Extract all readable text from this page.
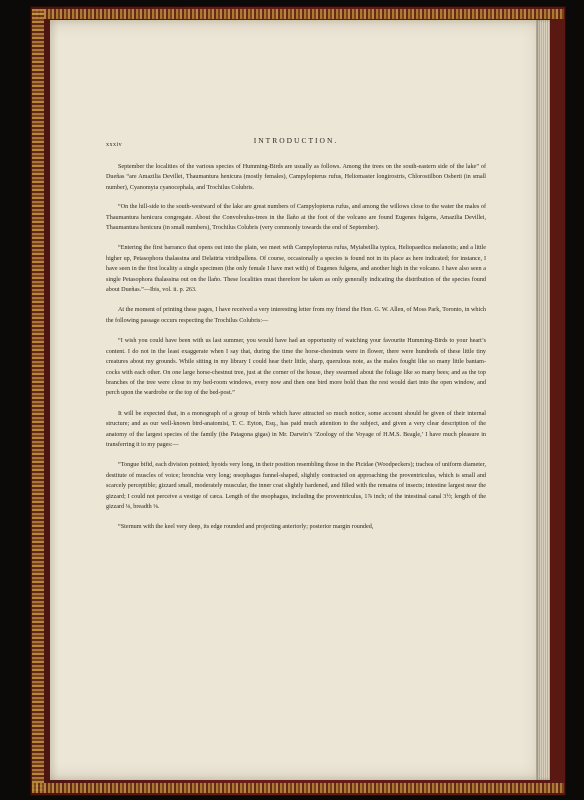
xxxiv	INTRODUCTION.

September the localities of the various species of Humming-Birds are usually as follows. Among the trees on the south-eastern side of the lake” of Dueñas “are Amazilia Devillei, Thaumantura henicura (mostly females), Campylopterus rufus, Heliomaster longirostris, Chlorostilbon Osberti (in small number), Cyanomyia cyanocephala, and Trochilus Colubris.

“On the hill-side to the south-westward of the lake are great numbers of Campylopterus rufus, and among the willows close to the water the males of Thaumantura henicura congregate. About the Convolvulus-trees in the llaño at the foot of the volcano are found Eugenes fulgens, Amazilia Devillei, Thaumantura henicura (in small numbers), Trochilus Colubris (very commonly towards the end of September).

“Entering the first barranco that opens out into the plain, we meet with Campylopterus rufus, Myiabeillia typica, Heliopaedica melanotis; and a little higher up, Petasophora thalassina and Delattria viridipallens. Of course, occasionally a species is found not in its place as here indicated; for instance, I have seen in the first locality a single specimen (the only female I have met with) of Eugenes fulgens, and another high in the volcano. I have also seen a single Petasophora thalassina out on the llaño. These localities must therefore be taken as only generally indicating the distribution of the species found about Dueñas.”—Ibis, vol. ii. p. 263.

At the moment of printing these pages, I have received a very interesting letter from my friend the Hon. G. W. Allen, of Moss Park, Toronto, in which the following passage occurs respecting the Trochilus Colubris:—

“I wish you could have been with us last summer, you would have had an opportunity of watching your favourite Humming-Birds to your heart’s content. I do not in the least exaggerate when I say that, during the time the horse-chestnuts were in flower, there were hundreds of these little tiny creatures about my grounds. While sitting in my library I could hear their little, sharp, querulous note, as the males fought like so many little bantam-cocks with each other. On one large horse-chestnut tree, just at the corner of the house, they swarmed about the foliage like so many bees; and as the top branches of the tree were close to my bed-room windows, every now and then one bird more bold than the rest would dart into the open window, and perch upon the wardrobe or the top of the bed-post.”

It will be expected that, in a monograph of a group of birds which have attracted so much notice, some account should be given of their internal structure; and as our well-known bird-anatomist, T. C. Eyton, Esq., has paid much attention to the subject, and given a very clear description of the anatomy of the largest species of the family (the Patagona gigas) in Mr. Darwin’s ‘Zoology of the Voyage of H.M.S. Beagle,’ I have much pleasure in transferring it to my pages:—

“Tongue bifid, each division pointed; hyoids very long, in their position resembling those in the Picidae (Woodpeckers); trachea of uniform diameter, destitute of muscles of voice; bronchia very long; œsophagus funnel-shaped, slightly contracted on approaching the proventriculus, which is small and scarcely perceptible; gizzard small, moderately muscular, the inner coat slightly hardened, and filled with the remains of insects; intestine largest near the gizzard; I could not perceive a vestige of cæca. Length of the œsophagus, including the proventriculus, 1⅞ inch; of the intestinal canal 3½; length of the gizzard ⅛, breadth ⅛.

“Sternum with the keel very deep, its edge rounded and projecting anteriorly; posterior margin rounded,
